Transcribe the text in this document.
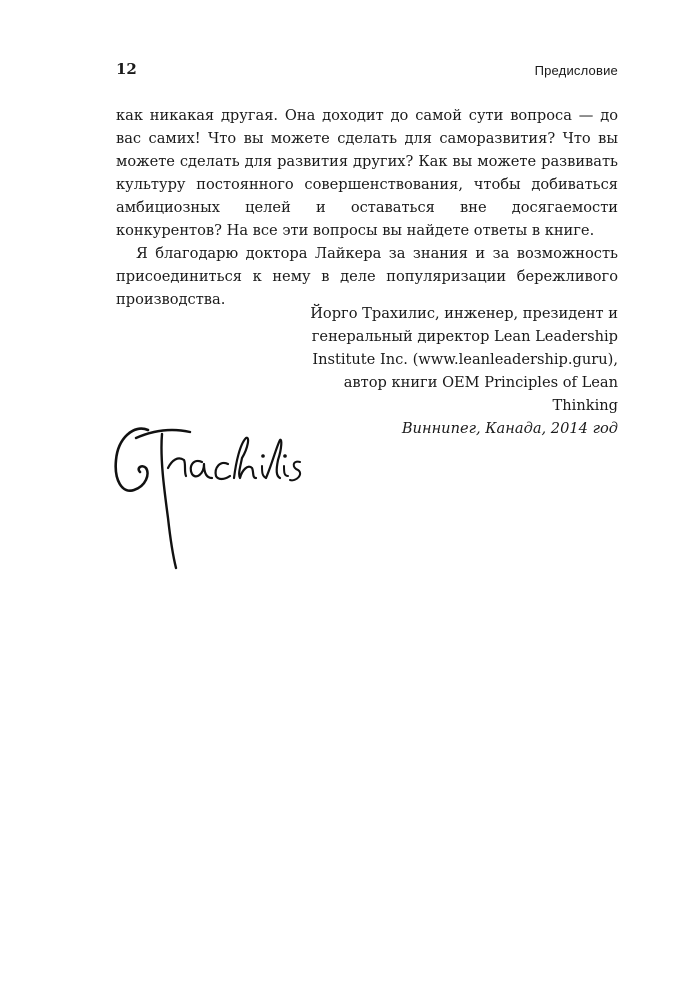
12	Предисловие

как никакая другая. Она доходит до самой сути вопроса — до вас самих! Что вы можете сделать для саморазвития? Что вы можете сделать для развития других? Как вы можете развивать культуру постоянного совершенствования, чтобы добиваться амбициозных целей и оставаться вне досягаемости конкурентов? На все эти вопросы вы найдете ответы в книге.

Я благодарю доктора Лайкера за знания и за возможность присоединиться к нему в деле популяризации бережливого производства.

Йорго Трахилис, инженер, президент и генеральный директор Lean Leadership Institute Inc. (www.leanleadership.guru), автор книги OEM Principles of Lean Thinking

Виннипег, Канада, 2014 год
